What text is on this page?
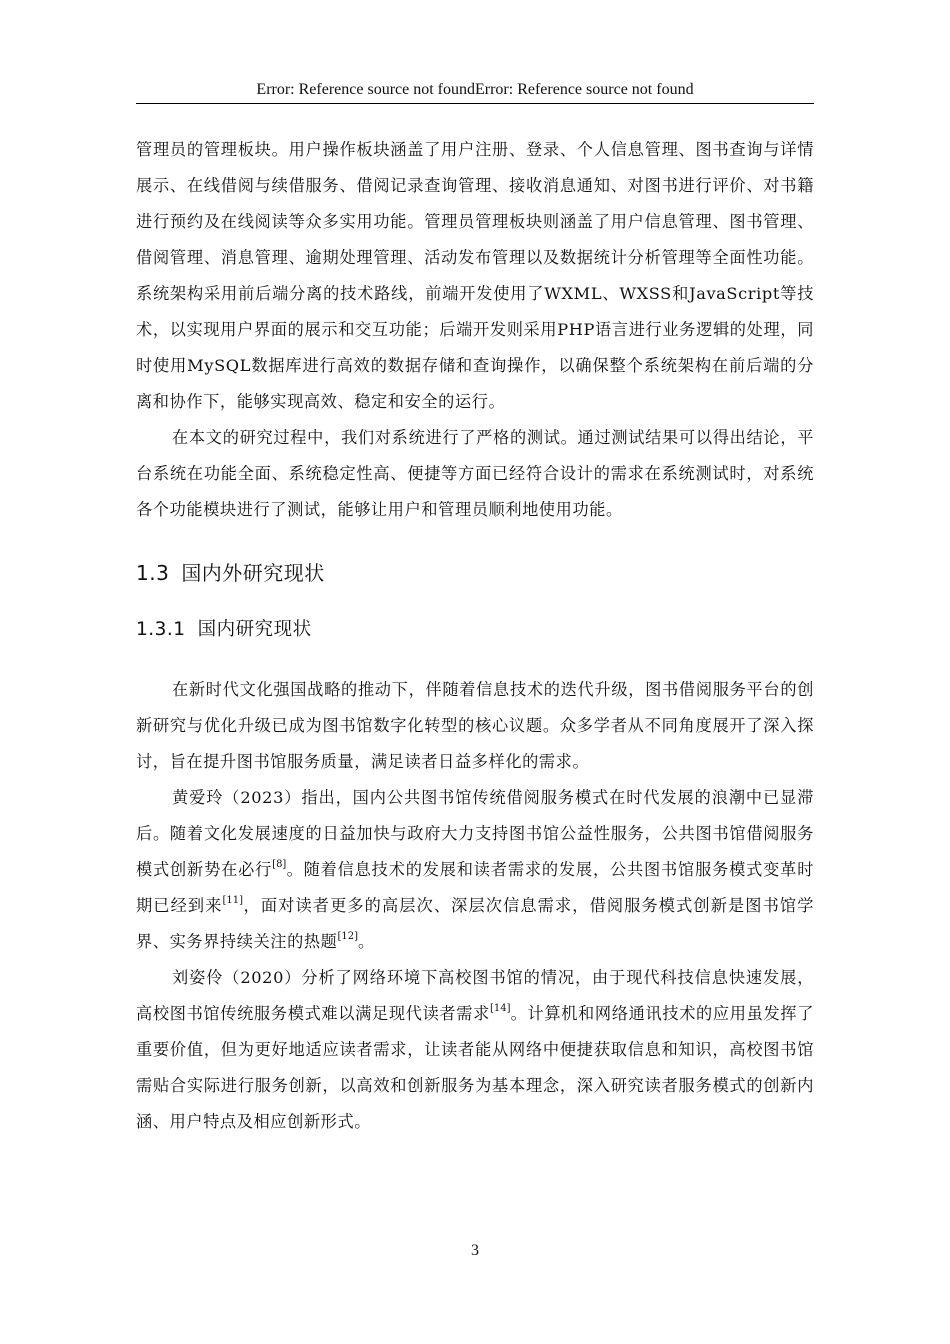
Error: Reference source not foundError: Reference source not found

管理员的管理板块。用户操作板块涵盖了用户注册、登录、个人信息管理、图书查询与详情展示、在线借阅与续借服务、借阅记录查询管理、接收消息通知、对图书进行评价、对书籍进行预约及在线阅读等众多实用功能。管理员管理板块则涵盖了用户信息管理、图书管理、借阅管理、消息管理、逾期处理管理、活动发布管理以及数据统计分析管理等全面性功能。系统架构采用前后端分离的技术路线，前端开发使用了WXML、WXSS和JavaScript等技术，以实现用户界面的展示和交互功能；后端开发则采用PHP语言进行业务逻辑的处理，同时使用MySQL数据库进行高效的数据存储和查询操作，以确保整个系统架构在前后端的分离和协作下，能够实现高效、稳定和安全的运行。

在本文的研究过程中，我们对系统进行了严格的测试。通过测试结果可以得出结论，平台系统在功能全面、系统稳定性高、便捷等方面已经符合设计的需求在系统测试时，对系统各个功能模块进行了测试，能够让用户和管理员顺利地使用功能。

1.3 国内外研究现状
1.3.1 国内研究现状

在新时代文化强国战略的推动下，伴随着信息技术的迭代升级，图书借阅服务平台的创新研究与优化升级已成为图书馆数字化转型的核心议题。众多学者从不同角度展开了深入探讨，旨在提升图书馆服务质量，满足读者日益多样化的需求。

黄爱玲（2023）指出，国内公共图书馆传统借阅服务模式在时代发展的浪潮中已显滞后。随着文化发展速度的日益加快与政府大力支持图书馆公益性服务，公共图书馆借阅服务模式创新势在必行[8]。随着信息技术的发展和读者需求的发展，公共图书馆服务模式变革时期已经到来[11]，面对读者更多的高层次、深层次信息需求，借阅服务模式创新是图书馆学界、实务界持续关注的热题[12]。

刘姿伶（2020）分析了网络环境下高校图书馆的情况，由于现代科技信息快速发展，高校图书馆传统服务模式难以满足现代读者需求[14]。计算机和网络通讯技术的应用虽发挥了重要价值，但为更好地适应读者需求，让读者能从网络中便捷获取信息和知识，高校图书馆需贴合实际进行服务创新，以高效和创新服务为基本理念，深入研究读者服务模式的创新内涵、用户特点及相应创新形式。

3
